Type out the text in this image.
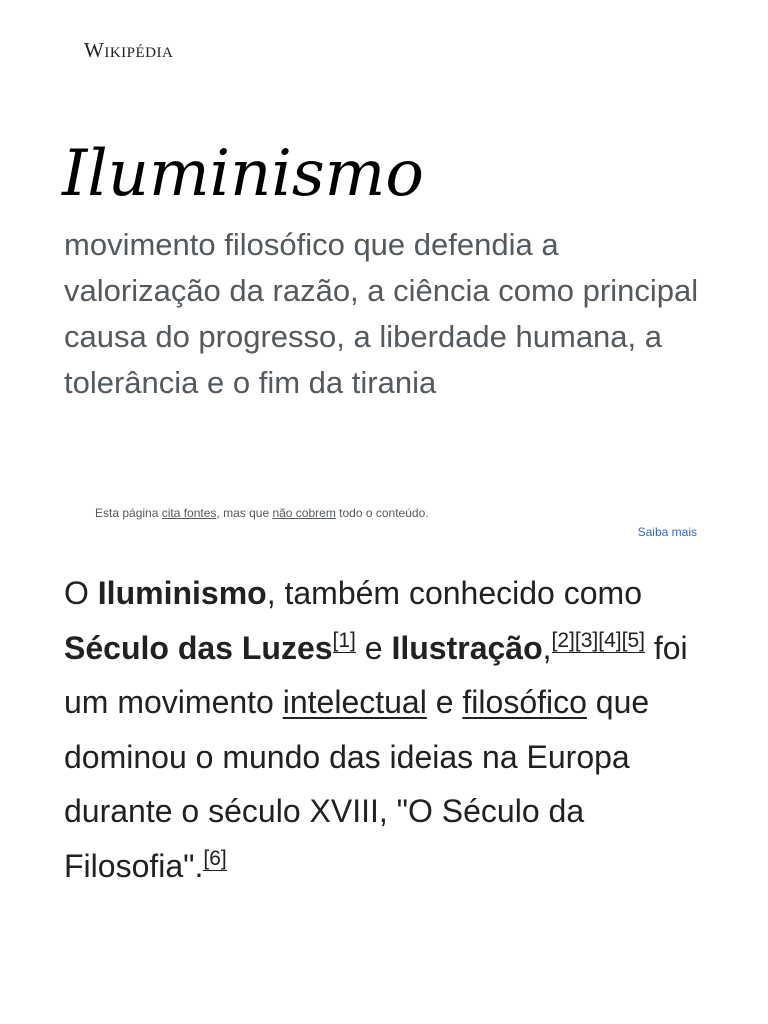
Wikipédia
Iluminismo

movimento filosófico que defendia a valorização da razão, a ciência como principal causa do progresso, a liberdade humana, a tolerância e o fim da tirania

Esta página cita fontes, mas que não cobrem todo o conteúdo.
Saiba mais

O Iluminismo, também conhecido como Século das Luzes[1] e Ilustração,[2][3][4][5] foi um movimento intelectual e filosófico que dominou o mundo das ideias na Europa durante o século XVIII, "O Século da Filosofia".[6]
